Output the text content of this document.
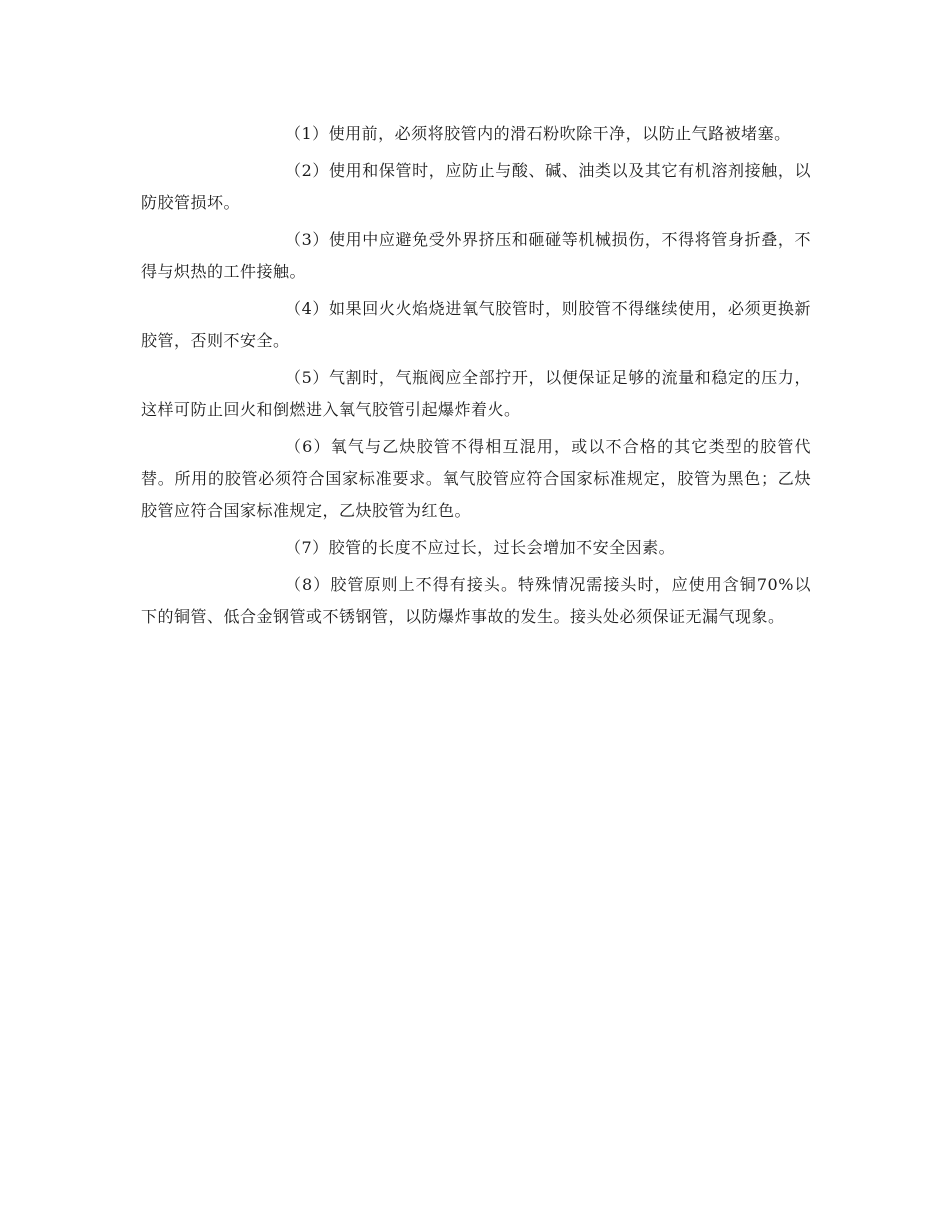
（1）使用前，必须将胶管内的滑石粉吹除干净，以防止气路被堵塞。

（2）使用和保管时，应防止与酸、碱、油类以及其它有机溶剂接触，以防胶管损坏。

（3）使用中应避免受外界挤压和砸碰等机械损伤，不得将管身折叠，不得与炽热的工件接触。

（4）如果回火火焰烧进氧气胶管时，则胶管不得继续使用，必须更换新胶管，否则不安全。

（5）气割时，气瓶阀应全部拧开，以便保证足够的流量和稳定的压力，这样可防止回火和倒燃进入氧气胶管引起爆炸着火。

（6）氧气与乙炔胶管不得相互混用，或以不合格的其它类型的胶管代替。所用的胶管必须符合国家标准要求。氧气胶管应符合国家标准规定，胶管为黑色；乙炔胶管应符合国家标准规定，乙炔胶管为红色。

（7）胶管的长度不应过长，过长会增加不安全因素。

（8）胶管原则上不得有接头。特殊情况需接头时，应使用含铜70%以下的铜管、低合金钢管或不锈钢管，以防爆炸事故的发生。接头处必须保证无漏气现象。
